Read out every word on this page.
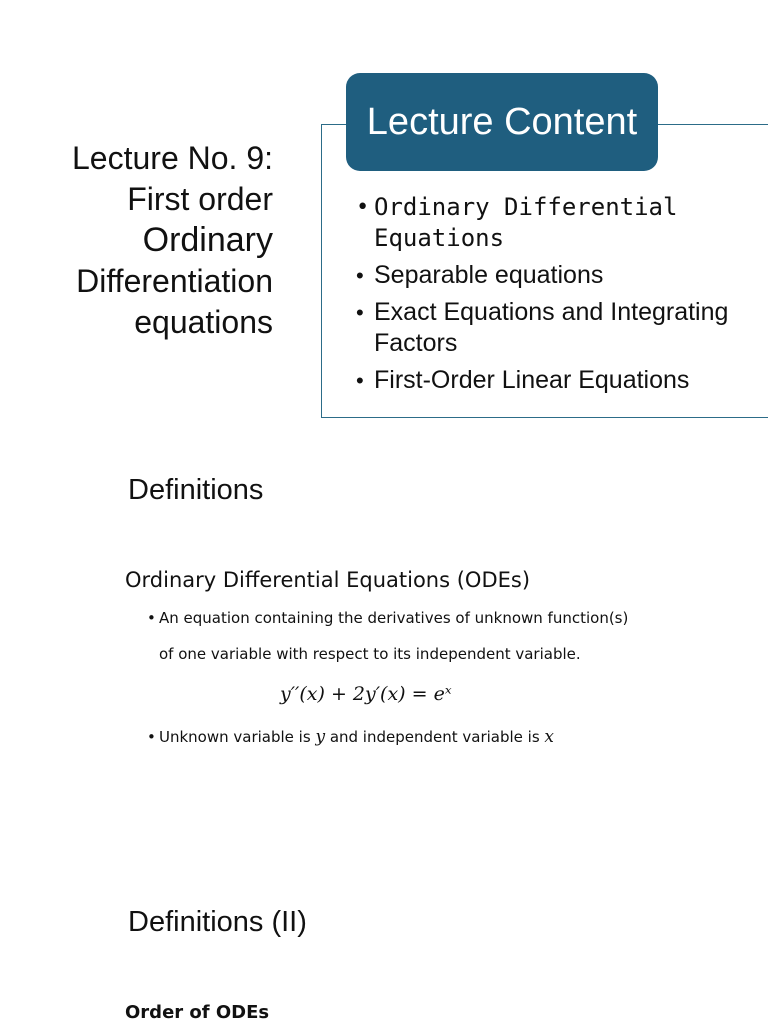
Lecture No. 9:
First order
Ordinary
Differentiation
equations
Lecture Content
• Ordinary Differential Equations
• Separable equations
• Exact Equations and Integrating Factors
• First-Order Linear Equations
Definitions
Ordinary Differential Equations (ODEs)
• An equation containing the derivatives of unknown function(s)
of one variable with respect to its independent variable.
y′′(x) + 2y′(x) = eˣ
• Unknown variable is y and independent variable is x
Definitions (II)
Order of ODEs
